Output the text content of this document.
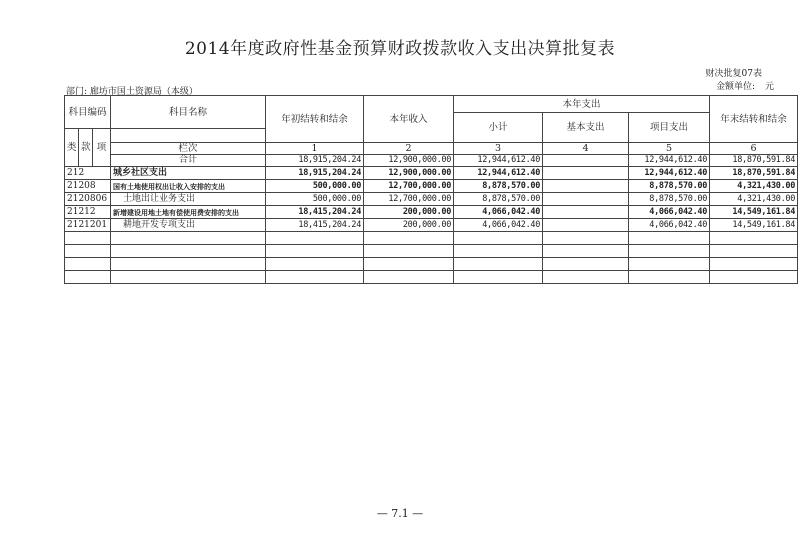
2014年度政府性基金预算财政拨款收入支出决算批复表
财决批复07表
金额单位: 元
部门: 廊坊市国土资源局（本级）
科目编码			科目名称	年初结转和结余	本年收入	本年支出			年末结转和结余
						小计	基本支出	项目支出	
类	款	项							
			栏次	1	2	3	4	5	6
			合计	18,915,204.24	12,900,000.00	12,944,612.40		12,944,612.40	18,870,591.84
212			城乡社区支出	18,915,204.24	12,900,000.00	12,944,612.40		12,944,612.40	18,870,591.84
21208			国有土地使用权出让收入安排的支出	500,000.00	12,700,000.00	8,878,570.00		8,878,570.00	4,321,430.00
2120806			土地出让业务支出	500,000.00	12,700,000.00	8,878,570.00		8,878,570.00	4,321,430.00
21212			新增建设用地土地有偿使用费安排的支出	18,415,204.24	200,000.00	4,066,042.40		4,066,042.40	14,549,161.84
2121201			耕地开发专项支出	18,415,204.24	200,000.00	4,066,042.40		4,066,042.40	14,549,161.84

— 7.1 —
